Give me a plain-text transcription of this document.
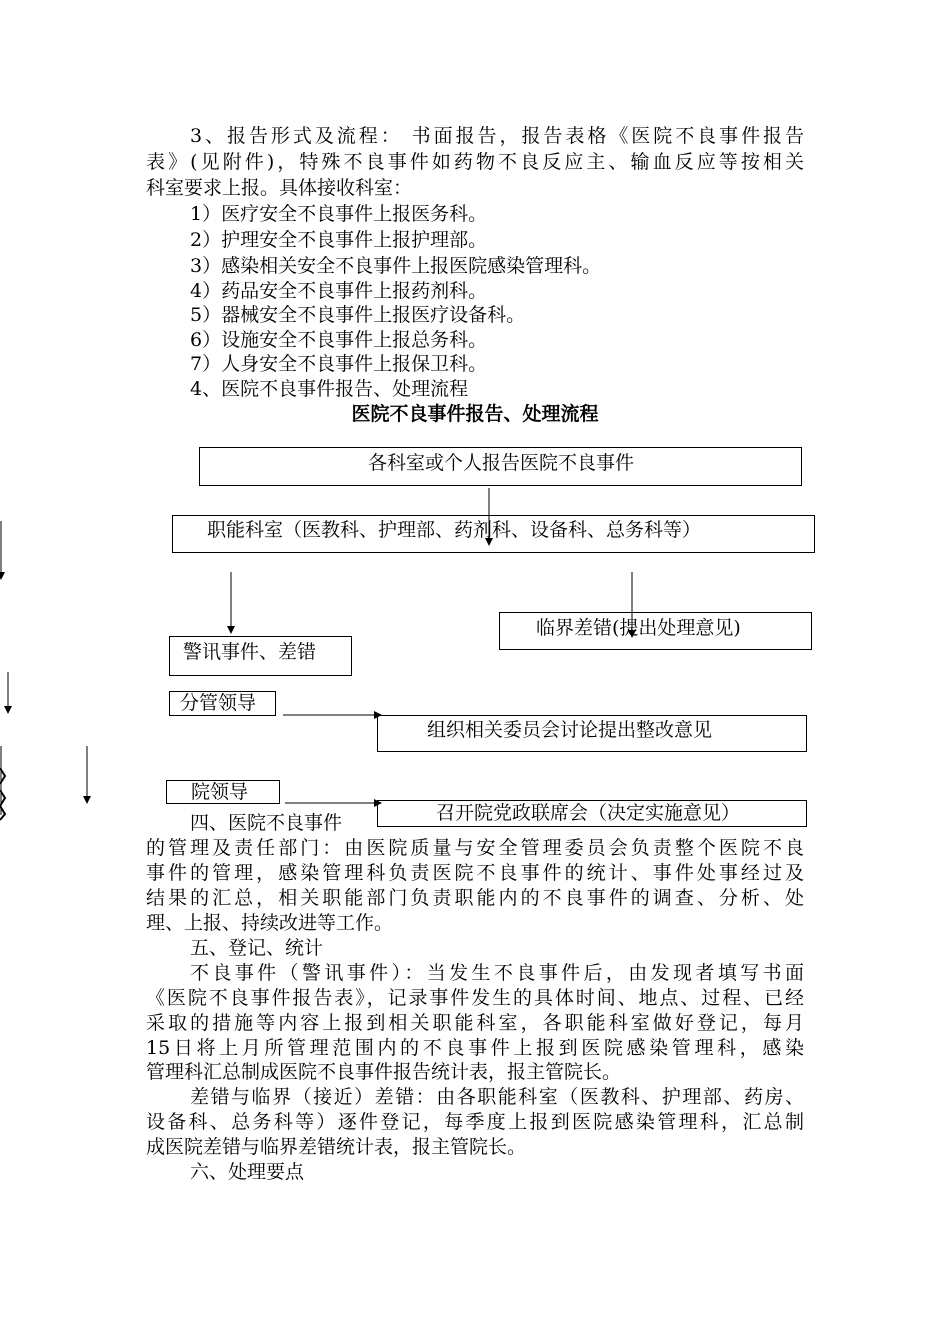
3、报告形式及流程： 书面报告，报告表格《医院不良事件报告
表》(见附件)，特殊不良事件如药物不良反应主、输血反应等按相关
科室要求上报。具体接收科室：
1）医疗安全不良事件上报医务科。
2）护理安全不良事件上报护理部。
3）感染相关安全不良事件上报医院感染管理科。
4）药品安全不良事件上报药剂科。
5）器械安全不良事件上报医疗设备科。
6）设施安全不良事件上报总务科。
7）人身安全不良事件上报保卫科。
4、医院不良事件报告、处理流程
医院不良事件报告、处理流程
各科室或个人报告医院不良事件
职能科室（医教科、护理部、药剂科、设备科、总务科等）
临界差错(提出处理意见)
警讯事件、差错
分管领导
组织相关委员会讨论提出整改意见
院领导
召开院党政联席会（决定实施意见）
四、医院不良事件
的管理及责任部门：由医院质量与安全管理委员会负责整个医院不良
事件的管理，感染管理科负责医院不良事件的统计、事件处事经过及
结果的汇总，相关职能部门负责职能内的不良事件的调查、分析、处
理、上报、持续改进等工作。
五、登记、统计
不良事件（警讯事件）：当发生不良事件后，由发现者填写书面
《医院不良事件报告表》，记录事件发生的具体时间、地点、过程、已经
采取的措施等内容上报到相关职能科室，各职能科室做好登记，每月
15日将上月所管理范围内的不良事件上报到医院感染管理科，感染
管理科汇总制成医院不良事件报告统计表，报主管院长。
差错与临界（接近）差错：由各职能科室（医教科、护理部、药房、
设备科、总务科等）逐件登记，每季度上报到医院感染管理科，汇总制
成医院差错与临界差错统计表，报主管院长。
六、处理要点
